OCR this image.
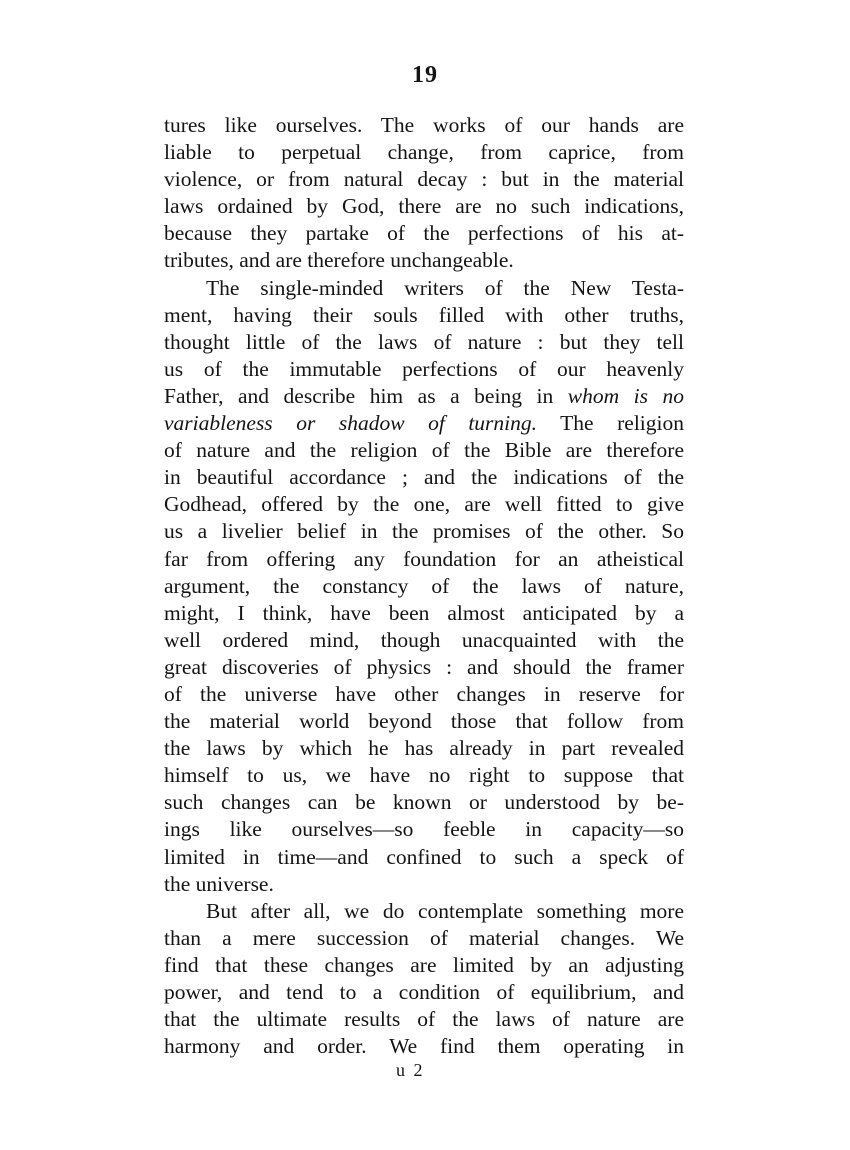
19
tures like ourselves. The works of our hands are
liable to perpetual change, from caprice, from
violence, or from natural decay : but in the material
laws ordained by God, there are no such indications,
because they partake of the perfections of his at-
tributes, and are therefore unchangeable.
The single-minded writers of the New Testa-
ment, having their souls filled with other truths,
thought little of the laws of nature : but they tell
us of the immutable perfections of our heavenly
Father, and describe him as a being in whom is no
variableness or shadow of turning. The religion
of nature and the religion of the Bible are therefore
in beautiful accordance ; and the indications of the
Godhead, offered by the one, are well fitted to give
us a livelier belief in the promises of the other. So
far from offering any foundation for an atheistical
argument, the constancy of the laws of nature,
might, I think, have been almost anticipated by a
well ordered mind, though unacquainted with the
great discoveries of physics : and should the framer
of the universe have other changes in reserve for
the material world beyond those that follow from
the laws by which he has already in part revealed
himself to us, we have no right to suppose that
such changes can be known or understood by be-
ings like ourselves—so feeble in capacity—so
limited in time—and confined to such a speck of
the universe.
But after all, we do contemplate something more
than a mere succession of material changes. We
find that these changes are limited by an adjusting
power, and tend to a condition of equilibrium, and
that the ultimate results of the laws of nature are
harmony and order. We find them operating in
u 2
